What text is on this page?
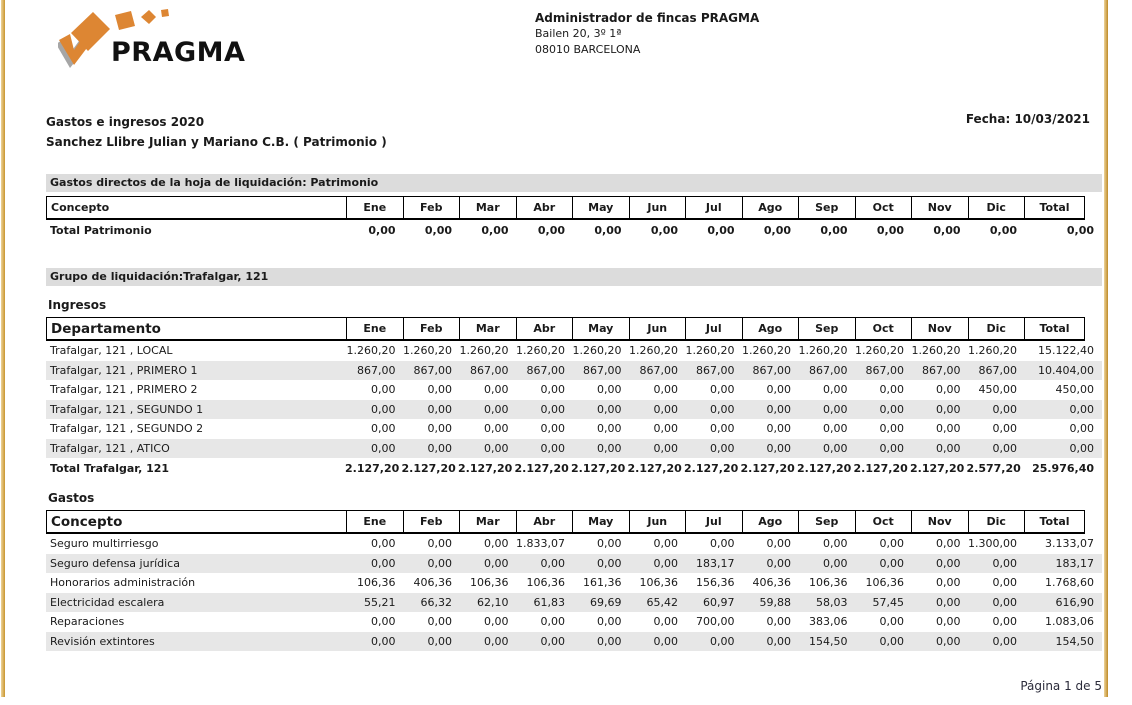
PRAGMA
Administrador de fincas PRAGMA
Bailen 20, 3º 1ª
08010 BARCELONA
Gastos e ingresos 2020
Sanchez Llibre Julian y Mariano C.B. ( Patrimonio )
Fecha: 10/03/2021
Gastos directos de la hoja de liquidación: Patrimonio
Concepto	Ene	Feb	Mar	Abr	May	Jun	Jul	Ago	Sep	Oct	Nov	Dic	Total
Total Patrimonio	0,00	0,00	0,00	0,00	0,00	0,00	0,00	0,00	0,00	0,00	0,00	0,00	0,00
Grupo de liquidación:Trafalgar, 121
Ingresos
Departamento	Ene	Feb	Mar	Abr	May	Jun	Jul	Ago	Sep	Oct	Nov	Dic	Total
Trafalgar, 121 , LOCAL	1.260,20 1.260,20 1.260,20 1.260,20 1.260,20 1.260,20 1.260,20 1.260,20 1.260,20 1.260,20 1.260,20 1.260,20	15.122,40
Trafalgar, 121 , PRIMERO 1	867,00	867,00	867,00	867,00	867,00	867,00	867,00	867,00	867,00	867,00	867,00	867,00	10.404,00
Trafalgar, 121 , PRIMERO 2	0,00	0,00	0,00	0,00	0,00	0,00	0,00	0,00	0,00	0,00	0,00	450,00	450,00
Trafalgar, 121 , SEGUNDO 1	0,00	0,00	0,00	0,00	0,00	0,00	0,00	0,00	0,00	0,00	0,00	0,00	0,00
Trafalgar, 121 , SEGUNDO 2	0,00	0,00	0,00	0,00	0,00	0,00	0,00	0,00	0,00	0,00	0,00	0,00	0,00
Trafalgar, 121 , ATICO	0,00	0,00	0,00	0,00	0,00	0,00	0,00	0,00	0,00	0,00	0,00	0,00	0,00
Total Trafalgar, 121	2.127,20 2.127,20 2.127,20 2.127,20 2.127,20 2.127,20 2.127,20 2.127,20 2.127,20 2.127,20 2.127,20 2.577,20	25.976,40
Gastos
Concepto	Ene	Feb	Mar	Abr	May	Jun	Jul	Ago	Sep	Oct	Nov	Dic	Total
Seguro multirriesgo	0,00	0,00	0,00 1.833,07	0,00	0,00	0,00	0,00	0,00	0,00	0,00 1.300,00	3.133,07
Seguro defensa jurídica	0,00	0,00	0,00	0,00	0,00	0,00	183,17	0,00	0,00	0,00	0,00	0,00	183,17
Honorarios administración	106,36	406,36	106,36	106,36	161,36	106,36	156,36	406,36	106,36	106,36	0,00	0,00	1.768,60
Electricidad escalera	55,21	66,32	62,10	61,83	69,69	65,42	60,97	59,88	58,03	57,45	0,00	0,00	616,90
Reparaciones	0,00	0,00	0,00	0,00	0,00	0,00	700,00	0,00	383,06	0,00	0,00	0,00	1.083,06
Revisión extintores	0,00	0,00	0,00	0,00	0,00	0,00	0,00	0,00	154,50	0,00	0,00	0,00	154,50
Página 1 de 5
